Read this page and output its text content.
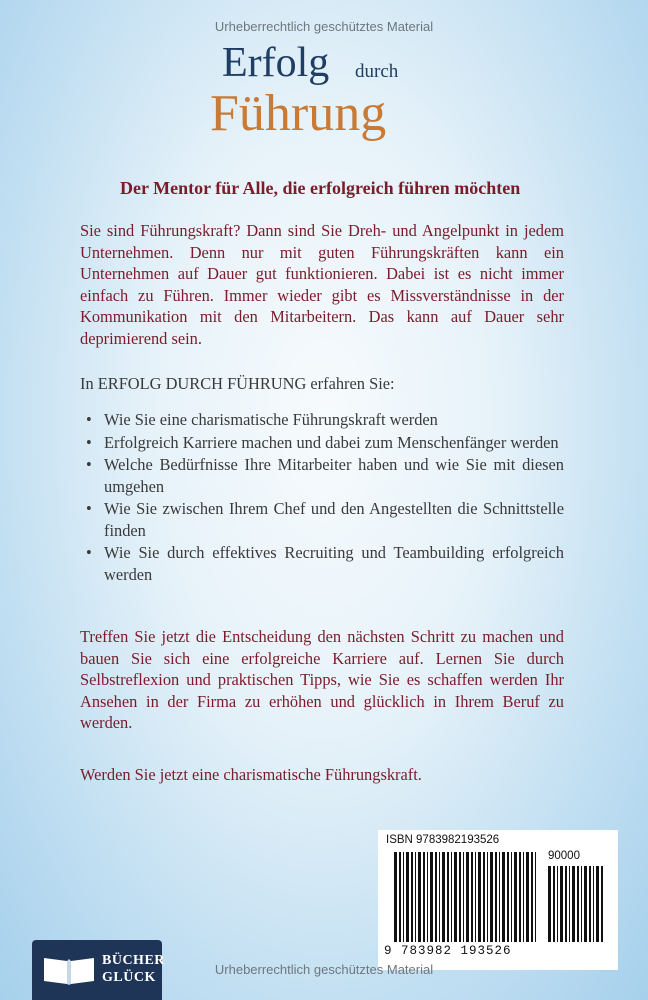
Urheberrechtlich geschütztes Material
Erfolg durch
Führung
Der Mentor für Alle, die erfolgreich führen möchten
Sie sind Führungskraft? Dann sind Sie Dreh- und Angelpunkt in jedem Unternehmen. Denn nur mit guten Führungskräften kann ein Unternehmen auf Dauer gut funktionieren. Dabei ist es nicht immer einfach zu Führen. Immer wieder gibt es Missverständnisse in der Kommunikation mit den Mitarbeitern. Das kann auf Dauer sehr deprimierend sein.
In ERFOLG DURCH FÜHRUNG erfahren Sie:
• Wie Sie eine charismatische Führungskraft werden
• Erfolgreich Karriere machen und dabei zum Menschenfänger werden
• Welche Bedürfnisse Ihre Mitarbeiter haben und wie Sie mit diesen umgehen
• Wie Sie zwischen Ihrem Chef und den Angestellten die Schnittstelle finden
• Wie Sie durch effektives Recruiting und Teambuilding erfolgreich werden
Treffen Sie jetzt die Entscheidung den nächsten Schritt zu machen und bauen Sie sich eine erfolgreiche Karriere auf. Lernen Sie durch Selbstreflexion und praktischen Tipps, wie Sie es schaffen werden Ihr Ansehen in der Firma zu erhöhen und glücklich in Ihrem Beruf zu werden.
Werden Sie jetzt eine charismatische Führungskraft.
ISBN 9783982193526
90000
9 783982 193526
BÜCHER
GLÜCK
Urheberrechtlich geschütztes Material
